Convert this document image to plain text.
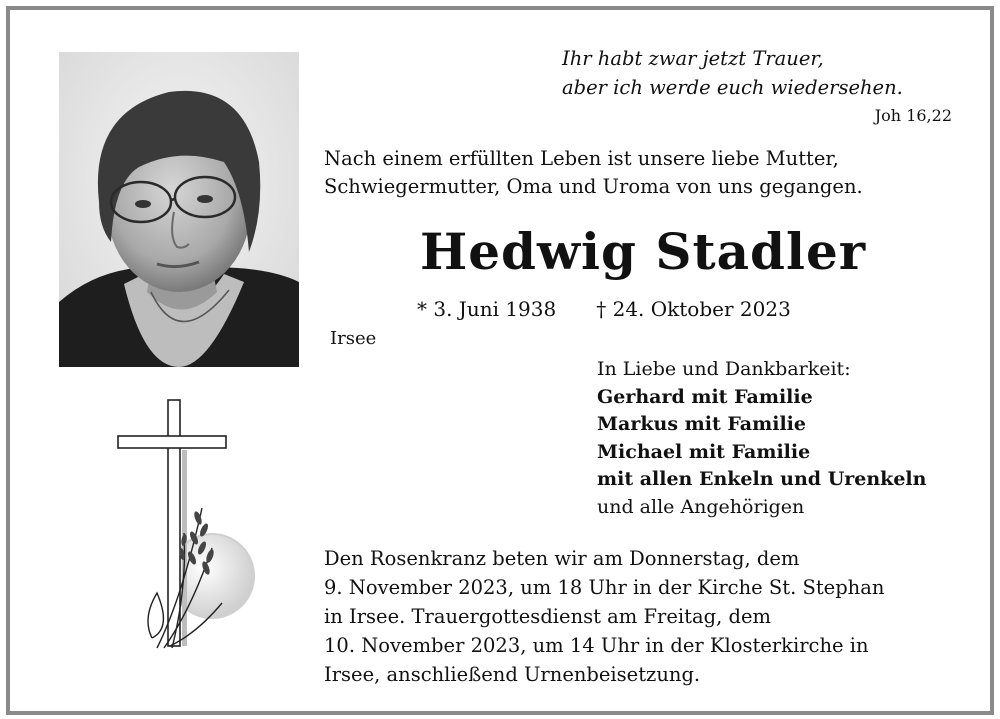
Ihr habt zwar jetzt Trauer,
aber ich werde euch wiedersehen.
Joh 16,22
Nach einem erfüllten Leben ist unsere liebe Mutter,
Schwiegermutter, Oma und Uroma von uns gegangen.
Hedwig Stadler
* 3. Juni 1938 † 24. Oktober 2023
Irsee
In Liebe und Dankbarkeit:
Gerhard mit Familie
Markus mit Familie
Michael mit Familie
mit allen Enkeln und Urenkeln
und alle Angehörigen
Den Rosenkranz beten wir am Donnerstag, dem
9. November 2023, um 18 Uhr in der Kirche St. Stephan
in Irsee. Trauergottesdienst am Freitag, dem
10. November 2023, um 14 Uhr in der Klosterkirche in
Irsee, anschließend Urnenbeisetzung.
